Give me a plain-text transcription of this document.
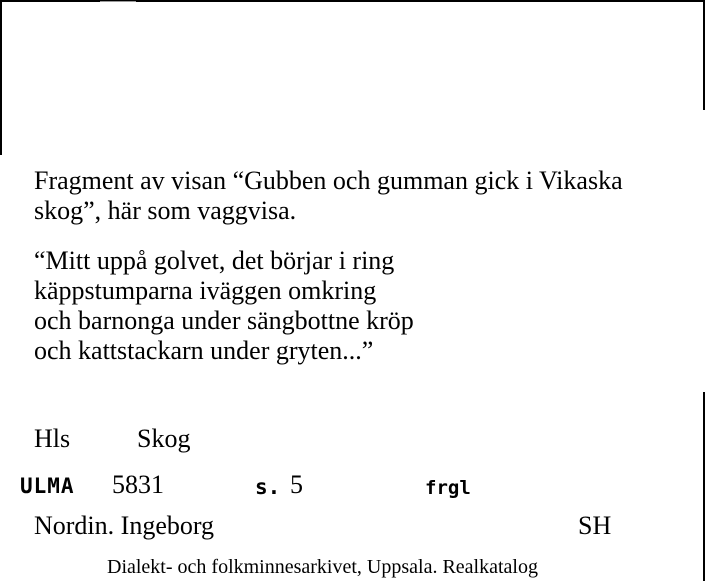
Fragment av visan “Gubben och gumman gick i Vikaska
skog”, här som vaggvisa.
“Mitt uppå golvet, det börjar i ring
käppstumparna iväggen omkring
och barnonga under sängbottne kröp
och kattstackarn under gryten...”
Hls	Skog
ULMA 5831	s. 5	frgl
Nordin. Ingeborg	SH
Dialekt- och folkminnesarkivet, Uppsala. Realkatalog
